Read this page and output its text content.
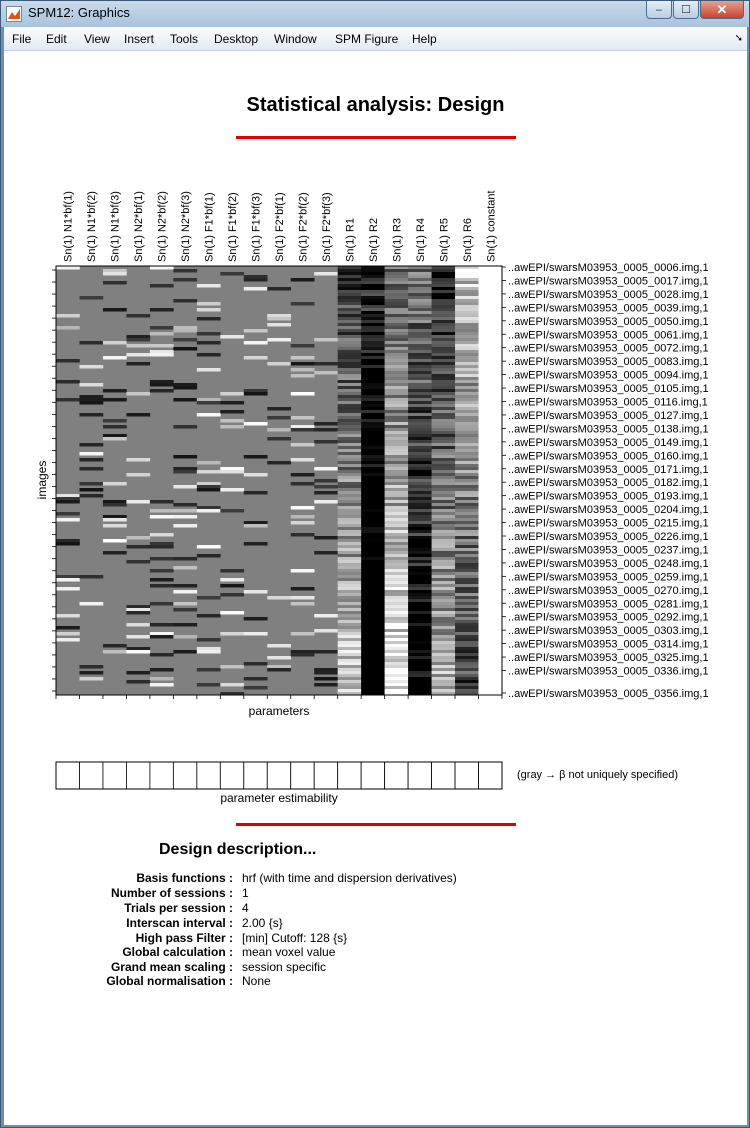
SPM12: Graphics	– ☐ ✕
File Edit View Insert Tools Desktop Window SPM Figure Help	➘
Statistical analysis: Design
Sn(1) N1*bf(1) Sn(1) N1*bf(2) Sn(1) N1*bf(3) Sn(1) N2*bf(1) Sn(1) N2*bf(2) Sn(1) N2*bf(3) Sn(1) F1*bf(1) Sn(1) F1*bf(2) Sn(1) F1*bf(3) Sn(1) F2*bf(1) Sn(1) F2*bf(2) Sn(1) F2*bf(3) Sn(1) R1 Sn(1) R2 Sn(1) R3 Sn(1) R4 Sn(1) R5 Sn(1) R6 Sn(1) constant
..awEPI/swarsM03953_0005_0006.img,1
..awEPI/swarsM03953_0005_0017.img,1
..awEPI/swarsM03953_0005_0028.img,1
..awEPI/swarsM03953_0005_0039.img,1
..awEPI/swarsM03953_0005_0050.img,1
..awEPI/swarsM03953_0005_0061.img,1
..awEPI/swarsM03953_0005_0072.img,1
..awEPI/swarsM03953_0005_0083.img,1
..awEPI/swarsM03953_0005_0094.img,1
..awEPI/swarsM03953_0005_0105.img,1
..awEPI/swarsM03953_0005_0116.img,1
..awEPI/swarsM03953_0005_0127.img,1
..awEPI/swarsM03953_0005_0138.img,1
..awEPI/swarsM03953_0005_0149.img,1
..awEPI/swarsM03953_0005_0160.img,1
..awEPI/swarsM03953_0005_0171.img,1
..awEPI/swarsM03953_0005_0182.img,1
..awEPI/swarsM03953_0005_0193.img,1
..awEPI/swarsM03953_0005_0204.img,1
..awEPI/swarsM03953_0005_0215.img,1
..awEPI/swarsM03953_0005_0226.img,1
..awEPI/swarsM03953_0005_0237.img,1
..awEPI/swarsM03953_0005_0248.img,1
..awEPI/swarsM03953_0005_0259.img,1
..awEPI/swarsM03953_0005_0270.img,1
..awEPI/swarsM03953_0005_0281.img,1
..awEPI/swarsM03953_0005_0292.img,1
..awEPI/swarsM03953_0005_0303.img,1
..awEPI/swarsM03953_0005_0314.img,1
..awEPI/swarsM03953_0005_0325.img,1
..awEPI/swarsM03953_0005_0336.img,1
..awEPI/swarsM03953_0005_0356.img,1
images
parameters
parameter estimability
(gray → β not uniquely specified)
Design description...
Basis functions : hrf (with time and dispersion derivatives)
Number of sessions : 1
Trials per session : 4
Interscan interval : 2.00 {s}
High pass Filter : [min] Cutoff: 128 {s}
Global calculation : mean voxel value
Grand mean scaling : session specific
Global normalisation : None
